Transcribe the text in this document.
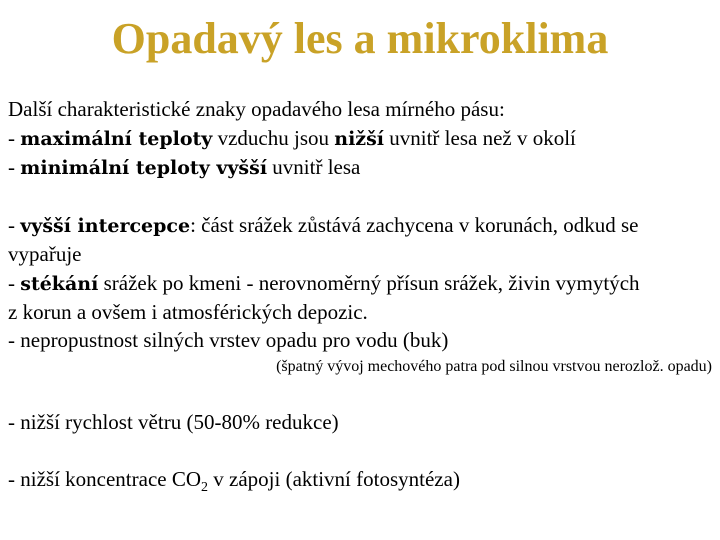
Opadavý les a mikroklima
Další charakteristické znaky opadavého lesa mírného pásu:
- maximální teploty vzduchu jsou nižší uvnitř lesa než v okolí
- minimální teploty vyšší uvnitř lesa
- vyšší intercepce: část srážek zůstává zachycena v korunách, odkud se
vypařuje
- stékání srážek po kmeni - nerovnoměrný přísun srážek, živin vymytých
z korun a ovšem i atmosférických depozic.
- nepropustnost silných vrstev opadu pro vodu (buk)
(špatný vývoj mechového patra pod silnou vrstvou nerozlož. opadu)
- nižší rychlost větru (50-80% redukce)
- nižší koncentrace $CO_2$ v zápoji (aktivní fotosyntéza)
